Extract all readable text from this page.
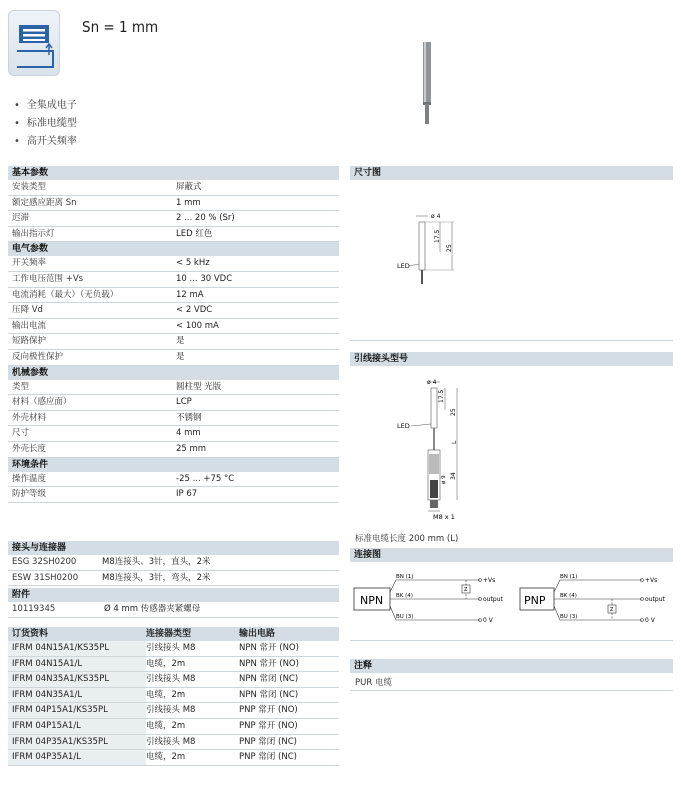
Sn = 1 mm
• 全集成电子
• 标准电缆型
• 高开关频率
基本参数
安装类型	屏蔽式
额定感应距离 Sn	1 mm
迟滞	2 ... 20 % (Sr)
输出指示灯	LED 红色
电气参数
开关频率	< 5 kHz
工作电压范围 +Vs	10 ... 30 VDC
电流消耗（最大）（无负载）	12 mA
压降 Vd	< 2 VDC
输出电流	< 100 mA
短路保护	是
反向极性保护	是
机械参数
类型	圆柱型 光版
材料（感应面）	LCP
外壳材料	不锈钢
尺寸	4 mm
外壳长度	25 mm
环境条件
操作温度	-25 ... +75 °C
防护等级	IP 67
接头与连接器
ESG 32SH0200	M8连接头、3针，直头，2米
ESW 31SH0200	M8连接头，3针，弯头，2米
附件
10119345	Ø 4 mm 传感器夹紧螺母
订货资料	连接器类型	输出电路
IFRM 04N15A1/KS35PL	引线接头 M8	NPN 常开 (NO)
IFRM 04N15A1/L	电缆，2m	NPN 常开 (NO)
IFRM 04N35A1/KS35PL	引线接头 M8	NPN 常闭 (NC)
IFRM 04N35A1/L	电缆，2m	NPN 常闭 (NC)
IFRM 04P15A1/KS35PL	引线接头 M8	PNP 常开 (NO)
IFRM 04P15A1/L	电缆，2m	PNP 常开 (NO)
IFRM 04P35A1/KS35PL	引线接头 M8	PNP 常闭 (NC)
IFRM 04P35A1/L	电缆，2m	PNP 常闭 (NC)
尺寸图
ø 4
17.5
25
LED
引线接头型号
ø 4
17.5
25
L
34
ø 9
M8 x 1
LED
标准电缆长度 200 mm (L)
连接图
NPN
BN (1)
BK (4)
BU (3)
Z
+Vs
output
0 V
PNP
BN (1)
BK (4)
BU (3)
Z
+Vs
output
0 V
注释
PUR 电缆
